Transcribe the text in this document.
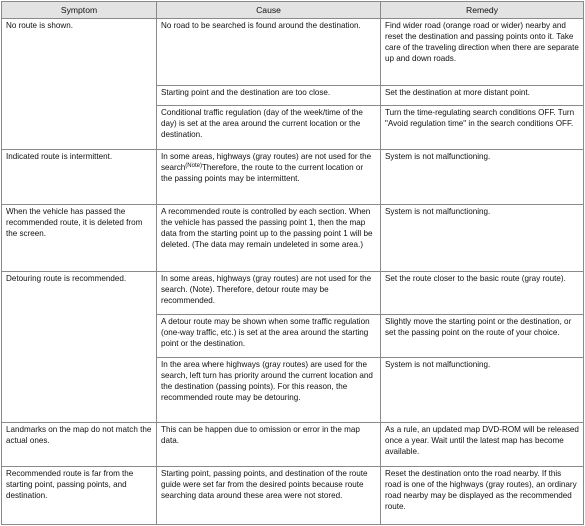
Symptom	Cause	Remedy
No route is shown.	No road to be searched is found around the destination.	Find wider road (orange road or wider) nearby and reset the destination and passing points onto it. Take care of the traveling direction when there are separate up and down roads.
	Starting point and the destination are too close.	Set the destination at more distant point.
	Conditional traffic regulation (day of the week/time of the day) is set at the area around the current location or the destination.	Turn the time-regulating search conditions OFF. Turn "Avoid regulation time" in the search conditions OFF.
Indicated route is intermittent.	In some areas, highways (gray routes) are not used for the search$^{(Note)}$Therefore, the route to the current location or the passing points may be intermittent.	System is not malfunctioning.
When the vehicle has passed the recommended route, it is deleted from the screen.	A recommended route is controlled by each section. When the vehicle has passed the passing point 1, then the map data from the starting point up to the passing point 1 will be deleted. (The data may remain undeleted in some area.)	System is not malfunctioning.
Detouring route is recommended.	In some areas, highways (gray routes) are not used for the search. (Note). Therefore, detour route may be recommended.	Set the route closer to the basic route (gray route).
	A detour route may be shown when some traffic regulation (one-way traffic, etc.) is set at the area around the starting point or the destination.	Slightly move the starting point or the destination, or set the passing point on the route of your choice.
	In the area where highways (gray routes) are used for the search, left turn has priority around the current location and the destination (passing points). For this reason, the recommended route may be detouring.	System is not malfunctioning.
Landmarks on the map do not match the actual ones.	This can be happen due to omission or error in the map data.	As a rule, an updated map DVD-ROM will be released once a year. Wait until the latest map has become available.
Recommended route is far from the starting point, passing points, and destination.	Starting point, passing points, and destination of the route guide were set far from the desired points because route searching data around these area were not stored.	Reset the destination onto the road nearby. If this road is one of the highways (gray routes), an ordinary road nearby may be displayed as the recommended route.
